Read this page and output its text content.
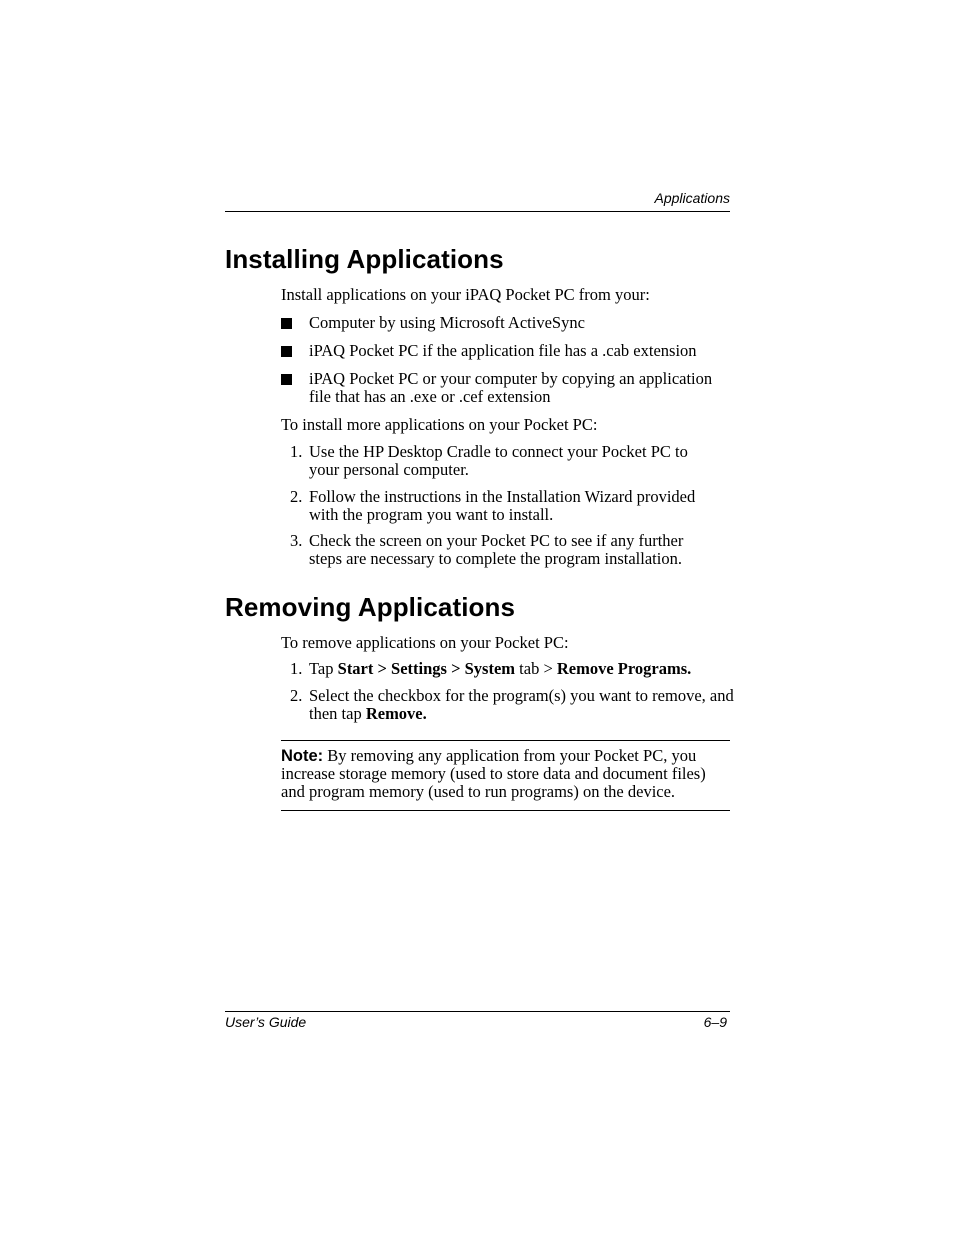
Applications
Installing Applications
Install applications on your iPAQ Pocket PC from your:
Computer by using Microsoft ActiveSync
iPAQ Pocket PC if the application file has a .cab extension
iPAQ Pocket PC or your computer by copying an application file that has an .exe or .cef extension
To install more applications on your Pocket PC:
1. Use the HP Desktop Cradle to connect your Pocket PC to your personal computer.
2. Follow the instructions in the Installation Wizard provided with the program you want to install.
3. Check the screen on your Pocket PC to see if any further steps are necessary to complete the program installation.
Removing Applications
To remove applications on your Pocket PC:
1. Tap Start > Settings > System tab > Remove Programs.
2. Select the checkbox for the program(s) you want to remove, and then tap Remove.
Note: By removing any application from your Pocket PC, you increase storage memory (used to store data and document files) and program memory (used to run programs) on the device.
User’s Guide	6–9
